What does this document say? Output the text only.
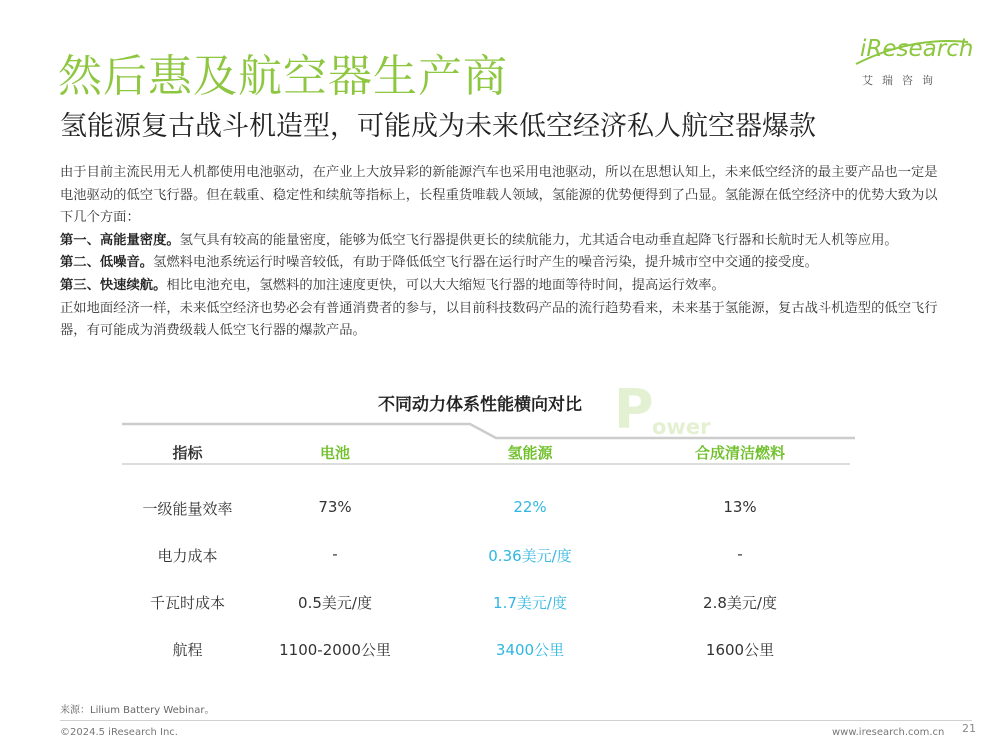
然后惠及航空器生产商
氢能源复古战斗机造型，可能成为未来低空经济私人航空器爆款
iResearch
艾瑞咨询

由于目前主流民用无人机都使用电池驱动，在产业上大放异彩的新能源汽车也采用电池驱动，所以在思想认知上，未来低空经济的最主要产品也一定是电池驱动的低空飞行器。但在载重、稳定性和续航等指标上，长程重货唯载人领域，氢能源的优势便得到了凸显。氢能源在低空经济中的优势大致为以下几个方面：

第一、高能量密度。氢气具有较高的能量密度，能够为低空飞行器提供更长的续航能力，尤其适合电动垂直起降飞行器和长航时无人机等应用。

第二、低噪音。氢燃料电池系统运行时噪音较低，有助于降低低空飞行器在运行时产生的噪音污染，提升城市空中交通的接受度。

第三、快速续航。相比电池充电，氢燃料的加注速度更快，可以大大缩短飞行器的地面等待时间，提高运行效率。

正如地面经济一样，未来低空经济也势必会有普通消费者的参与，以目前科技数码产品的流行趋势看来，未来基于氢能源，复古战斗机造型的低空飞行器，有可能成为消费级载人低空飞行器的爆款产品。

P
ower
不同动力体系性能横向对比
指标	电池	氢能源	合成清洁燃料
一级能量效率	73%	22%	13%
电力成本	-	0.36美元/度	-
千瓦时成本	0.5美元/度	1.7美元/度	2.8美元/度
航程	1100-2000公里	3400公里	1600公里
来源：Lilium Battery Webinar。
©2024.5 iResearch Inc.	www.iresearch.com.cn 21
